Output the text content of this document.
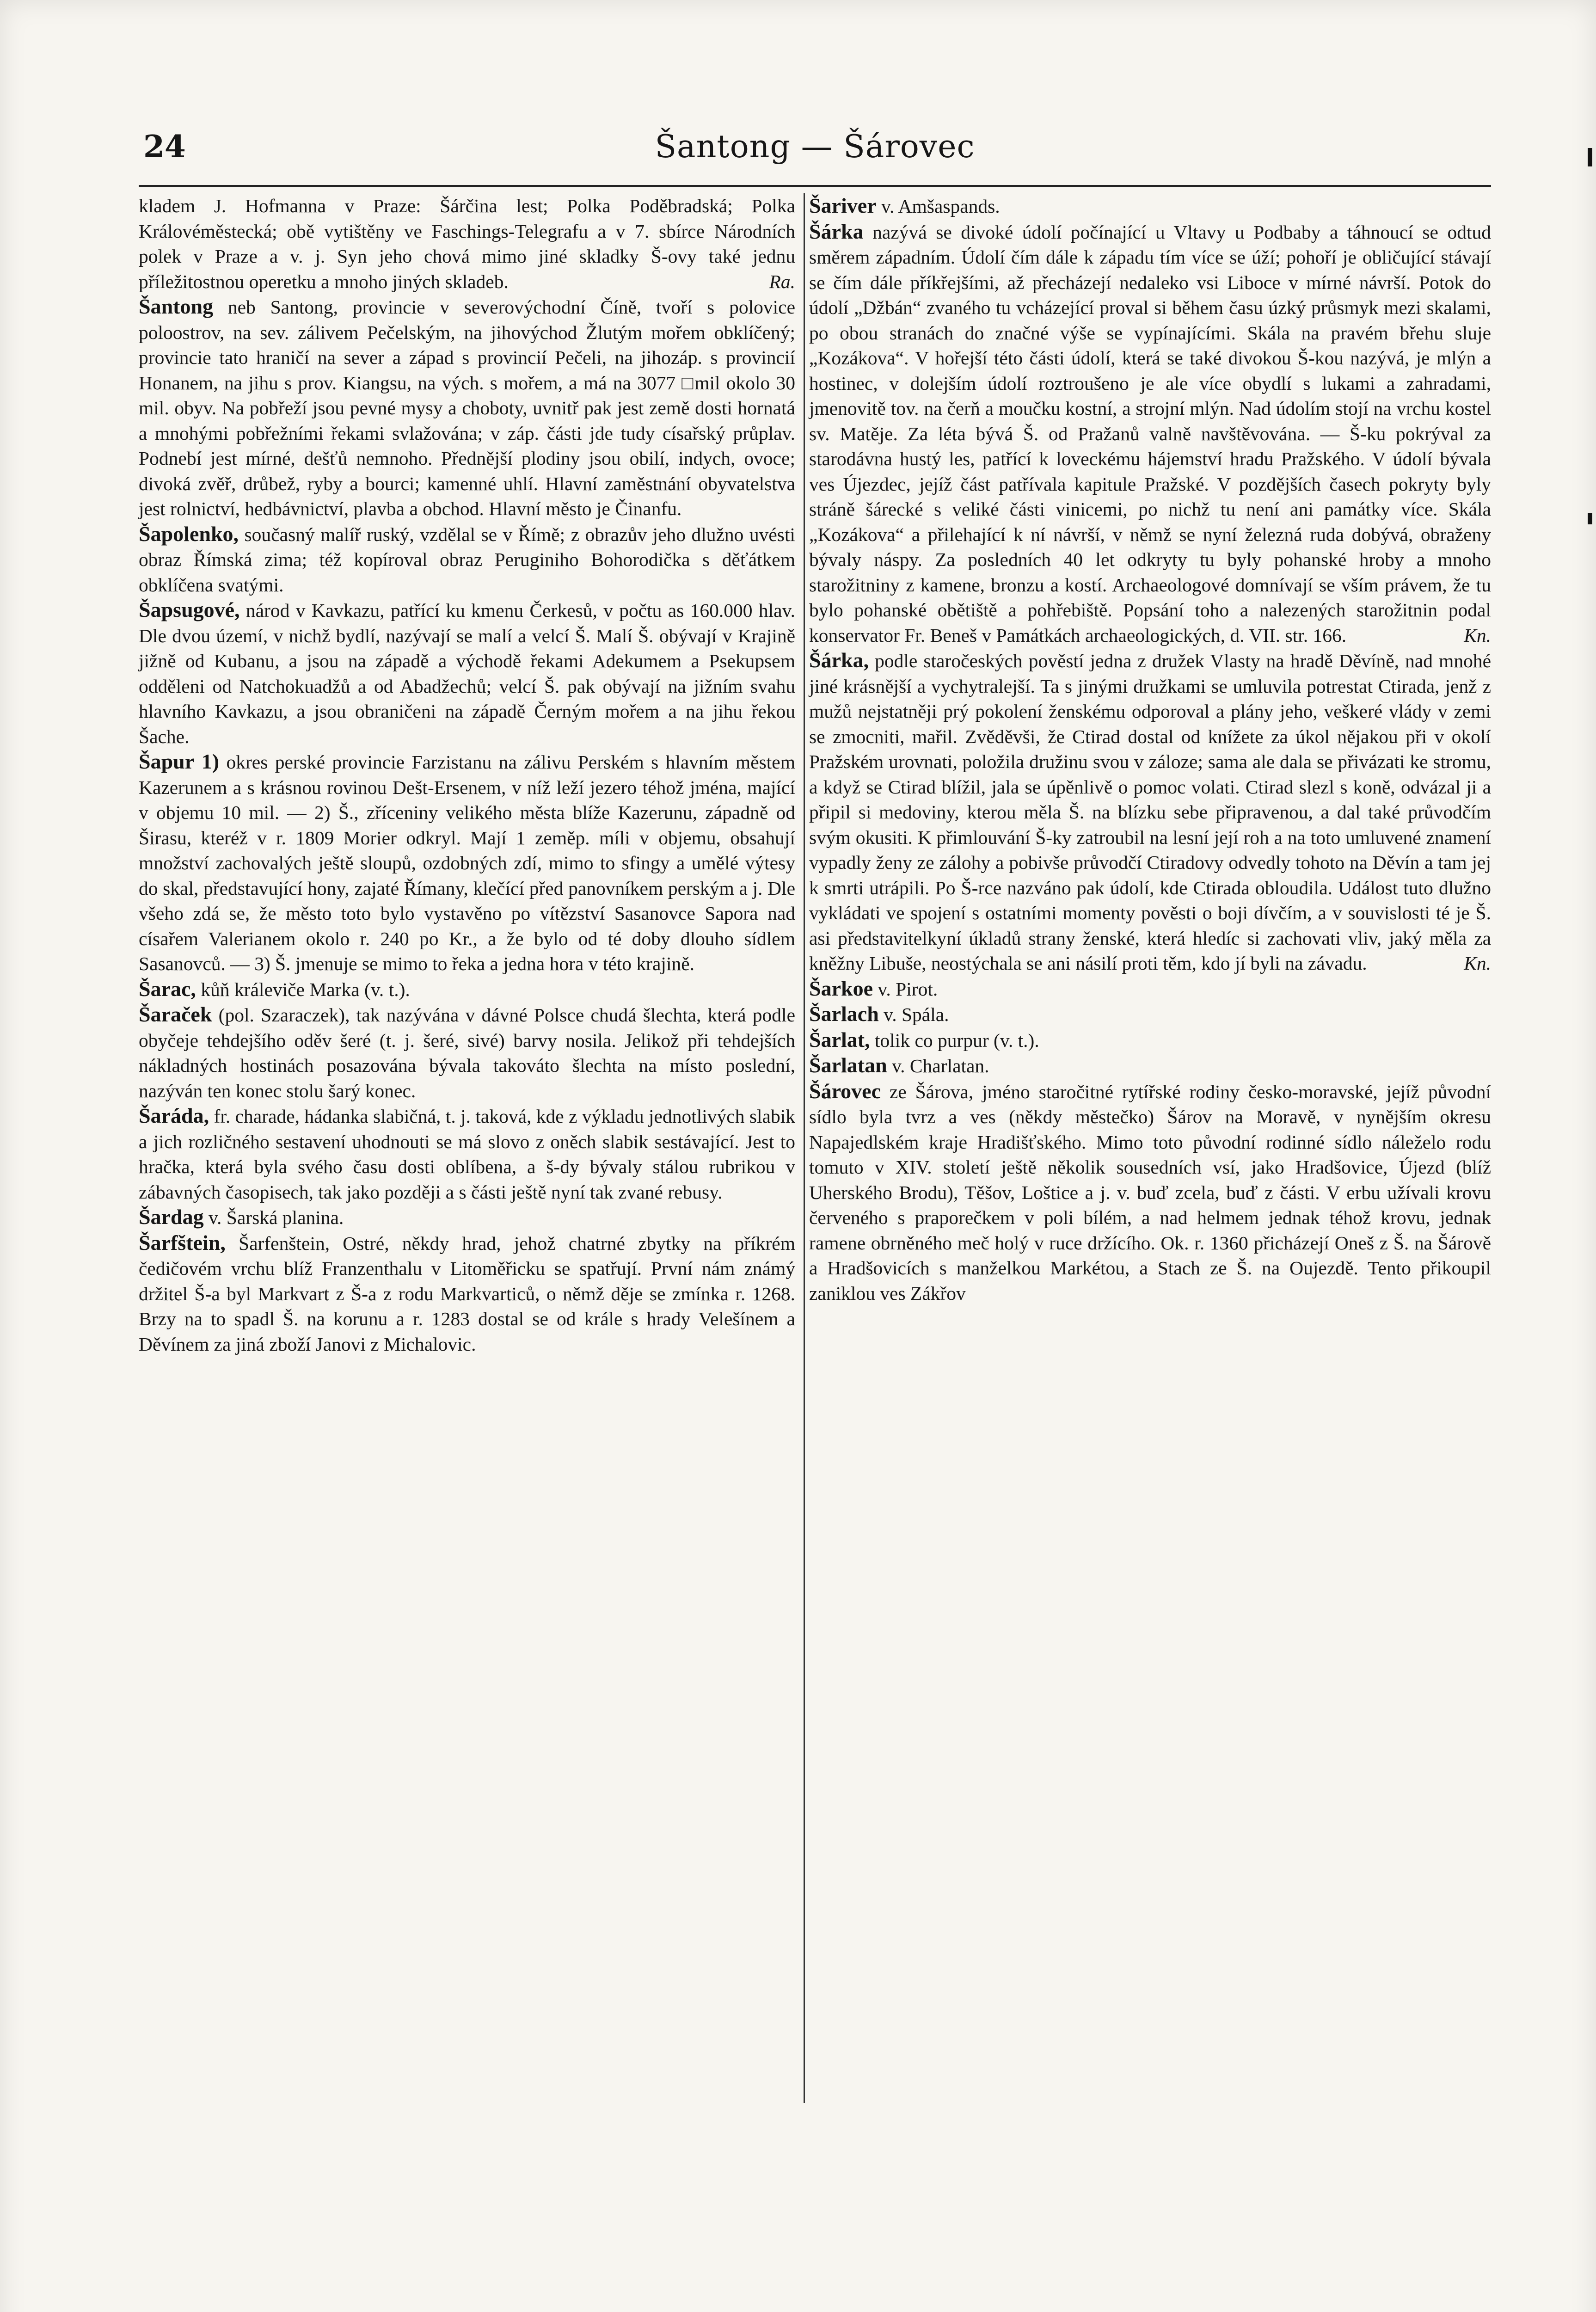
24	Šantong — Šárovec

kladem J. Hofmanna v Praze: Šárčina lest; Polka Poděbradská; Polka Královéměstecká; obě vytištěny ve Faschings-Telegrafu a v 7. sbírce Národních polek v Praze a v. j. Syn jeho chová mimo jiné skladky Š-ovy také jednu příležitostnou operetku a mnoho jiných skladeb.	Ra.

Šantong neb Santong, provincie v severovýchodní Číně, tvoří s polovice poloostrov, na sev. zálivem Pečelským, na jihovýchod Žlutým mořem obklíčený; provincie tato hraničí na sever a západ s provincií Pečeli, na jihozáp. s provincií Honanem, na jihu s prov. Kiangsu, na vých. s mořem, a má na 3077 □mil okolo 30 mil. obyv. Na pobřeží jsou pevné mysy a choboty, uvnitř pak jest země dosti hornatá a mnohými pobřežními řekami svlažována; v záp. části jde tudy císařský průplav. Podnebí jest mírné, dešťů nemnoho. Přednější plodiny jsou obilí, indych, ovoce; divoká zvěř, drůbež, ryby a bourci; kamenné uhlí. Hlavní zaměstnání obyvatelstva jest rolnictví, hedbávnictví, plavba a obchod. Hlavní město je Činanfu.

Šapolenko, současný malíř ruský, vzdělal se v Římě; z obrazův jeho dlužno uvésti obraz Římská zima; též kopíroval obraz Peruginiho Bohorodička s děťátkem obklíčena svatými.

Šapsugové, národ v Kavkazu, patřící ku kmenu Čerkesů, v počtu as 160.000 hlav. Dle dvou území, v nichž bydlí, nazývají se malí a velcí Š. Malí Š. obývají v Krajině jižně od Kubanu, a jsou na západě a východě řekami Adekumem a Psekupsem odděleni od Natchokuadžů a od Abadžechů; velcí Š. pak obývají na jižním svahu hlavního Kavkazu, a jsou obraničeni na západě Černým mořem a na jihu řekou Šache.

Šapur 1) okres perské provincie Farzistanu na zálivu Perském s hlavním městem Kazerunem a s krásnou rovinou Dešt-Ersenem, v níž leží jezero téhož jména, mající v objemu 10 mil. — 2) Š., zříceniny velikého města blíže Kazerunu, západně od Širasu, kteréž v r. 1809 Morier odkryl. Mají 1 zeměp. míli v objemu, obsahují množství zachovalých ještě sloupů, ozdobných zdí, mimo to sfingy a umělé výtesy do skal, představující hony, zajaté Římany, klečící před panovníkem perským a j. Dle všeho zdá se, že město toto bylo vystavěno po vítězství Sasanovce Sapora nad císařem Valerianem okolo r. 240 po Kr., a že bylo od té doby dlouho sídlem Sasanovců. — 3) Š. jmenuje se mimo to řeka a jedna hora v této krajině.

Šarac, kůň králeviče Marka (v. t.).

Šaraček (pol. Szaraczek), tak nazývána v dávné Polsce chudá šlechta, která podle obyčeje tehdejšího oděv šeré (t. j. šeré, sivé) barvy nosila. Jelikož při tehdejších nákladných hostinách posazována bývala takováto šlechta na místo poslední, nazýván ten konec stolu šarý konec.

Šaráda, fr. charade, hádanka slabičná, t. j. taková, kde z výkladu jednotlivých slabik a jich rozličného sestavení uhodnouti se má slovo z oněch slabik sestávající. Jest to hračka, která byla svého času dosti oblíbena, a š-dy bývaly stálou rubrikou v zábavných časopisech, tak jako později a s části ještě nyní tak zvané rebusy.

Šardag v. Šarská planina.

Šarfštein, Šarfenštein, Ostré, někdy hrad, jehož chatrné zbytky na příkrém čedičovém vrchu blíž Franzenthalu v Litoměřicku se spatřují. První nám známý držitel Š-a byl Markvart z Š-a z rodu Markvarticů, o němž děje se zmínka r. 1268. Brzy na to spadl Š. na korunu a r. 1283 dostal se od krále s hrady Velešínem a Děvínem za jiná zboží Janovi z Michalovic.

Šariver v. Amšaspands.

Šárka nazývá se divoké údolí počínající u Vltavy u Podbaby a táhnoucí se odtud směrem západním. Údolí čím dále k západu tím více se úží; pohoří je obličující stávají se čím dále příkřejšími, až přecházejí nedaleko vsi Liboce v mírné návrší. Potok do údolí „Džbán“ zvaného tu vcházející proval si během času úzký průsmyk mezi skalami, po obou stranách do značné výše se vypínajícími. Skála na pravém břehu sluje „Kozákova“. V hořejší této části údolí, která se také divokou Š-kou nazývá, je mlýn a hostinec, v dolejším údolí roztroušeno je ale více obydlí s lukami a zahradami, jmenovitě tov. na čerň a moučku kostní, a strojní mlýn. Nad údolím stojí na vrchu kostel sv. Matěje. Za léta bývá Š. od Pražanů valně navštěvována. — Š-ku pokrýval za starodávna hustý les, patřící k loveckému hájemství hradu Pražského. V údolí bývala ves Újezdec, jejíž část patřívala kapitule Pražské. V pozdějších časech pokryty byly stráně šárecké s veliké části vinicemi, po nichž tu není ani památky více. Skála „Kozákova“ a přilehající k ní návrší, v němž se nyní železná ruda dobývá, obraženy bývaly náspy. Za posledních 40 let odkryty tu byly pohanské hroby a mnoho starožitniny z kamene, bronzu a kostí. Archaeologové domnívají se vším právem, že tu bylo pohanské obětiště a pohřebiště. Popsání toho a nalezených starožitnin podal konservator Fr. Beneš v Památkách archaeologických, d. VII. str. 166.	Kn.

Šárka, podle staročeských pověstí jedna z družek Vlasty na hradě Děvíně, nad mnohé jiné krásnější a vychytralejší. Ta s jinými družkami se umluvila potrestat Ctirada, jenž z mužů nejstatněji prý pokolení ženskému odporoval a plány jeho, veškeré vlády v zemi se zmocniti, mařil. Zvěděvši, že Ctirad dostal od knížete za úkol nějakou při v okolí Pražském urovnati, položila družinu svou v záloze; sama ale dala se přivázati ke stromu, a když se Ctirad blížil, jala se úpěnlivě o pomoc volati. Ctirad slezl s koně, odvázal ji a připil si medoviny, kterou měla Š. na blízku sebe připravenou, a dal také průvodčím svým okusiti. K přimlouvání Š-ky zatroubil na lesní její roh a na toto umluvené znamení vypadly ženy ze zálohy a pobivše průvodčí Ctiradovy odvedly tohoto na Děvín a tam jej k smrti utrápili. Po Š-rce nazváno pak údolí, kde Ctirada obloudila. Událost tuto dlužno vykládati ve spojení s ostatními momenty pověsti o boji dívčím, a v souvislosti té je Š. asi představitelkyní úkladů strany ženské, která hledíc si zachovati vliv, jaký měla za kněžny Libuše, neostýchala se ani násilí proti těm, kdo jí byli na závadu.	Kn.

Šarkoe v. Pirot.

Šarlach v. Spála.

Šarlat, tolik co purpur (v. t.).

Šarlatan v. Charlatan.

Šárovec ze Šárova, jméno staročitné rytířské rodiny česko-moravské, jejíž původní sídlo byla tvrz a ves (někdy městečko) Šárov na Moravě, v nynějším okresu Napajedlském kraje Hradišťského. Mimo toto původní rodinné sídlo náleželo rodu tomuto v XIV. století ještě několik sousedních vsí, jako Hradšovice, Újezd (blíž Uherského Brodu), Těšov, Loštice a j. v. buď zcela, buď z části. V erbu užívali krovu červeného s praporečkem v poli bílém, a nad helmem jednak téhož krovu, jednak ramene obrněného meč holý v ruce držícího. Ok. r. 1360 přicházejí Oneš z Š. na Šárově a Hradšovicích s manželkou Markétou, a Stach ze Š. na Oujezdě. Tento přikoupil zaniklou ves Zákřov
